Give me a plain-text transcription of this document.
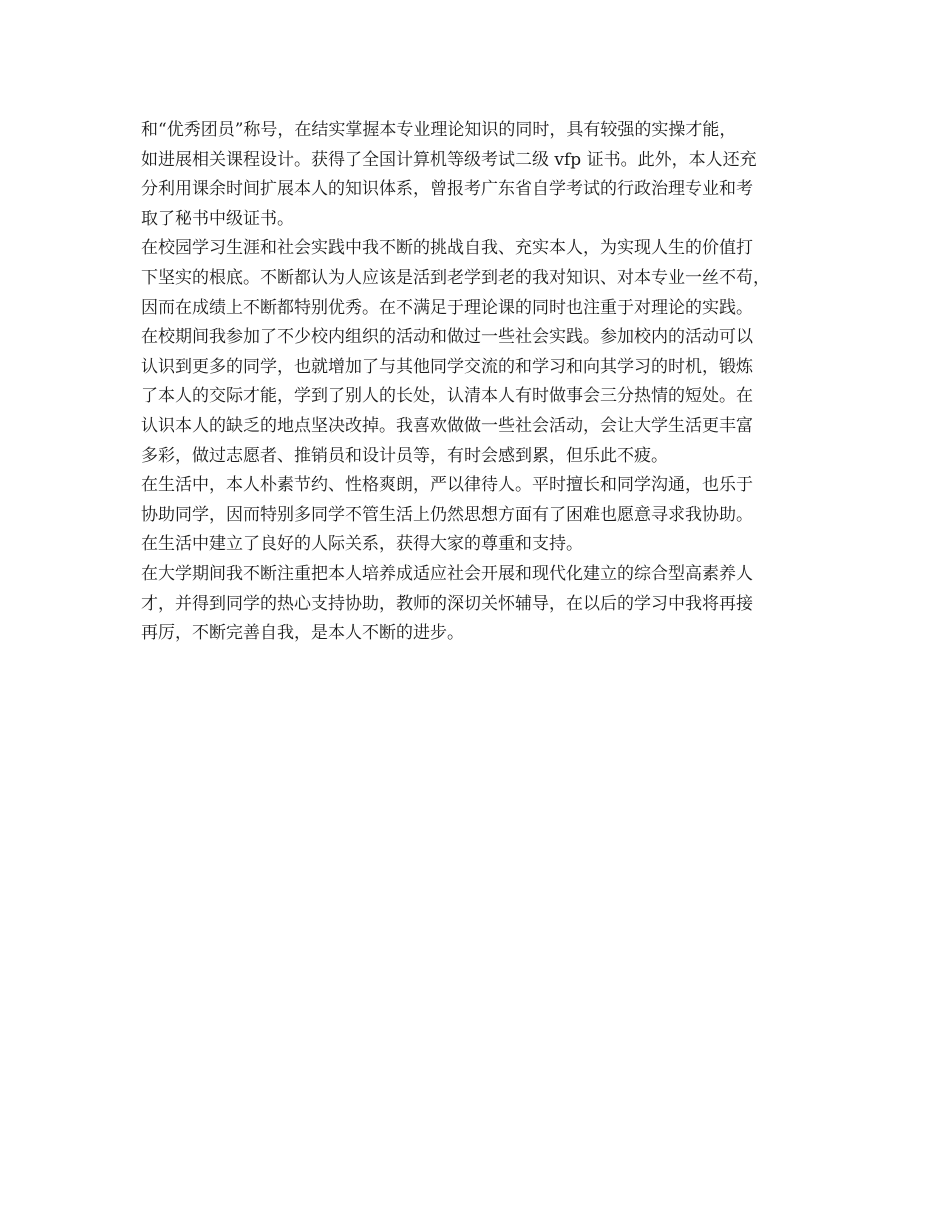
和“优秀团员”称号，在结实掌握本专业理论知识的同时，具有较强的实操才能，
如进展相关课程设计。获得了全国计算机等级考试二级 vfp 证书。此外，本人还充
分利用课余时间扩展本人的知识体系，曾报考广东省自学考试的行政治理专业和考
取了秘书中级证书。
在校园学习生涯和社会实践中我不断的挑战自我、充实本人，为实现人生的价值打
下坚实的根底。不断都认为人应该是活到老学到老的我对知识、对本专业一丝不苟，
因而在成绩上不断都特别优秀。在不满足于理论课的同时也注重于对理论的实践。
在校期间我参加了不少校内组织的活动和做过一些社会实践。参加校内的活动可以
认识到更多的同学，也就增加了与其他同学交流的和学习和向其学习的时机，锻炼
了本人的交际才能，学到了别人的长处，认清本人有时做事会三分热情的短处。在
认识本人的缺乏的地点坚决改掉。我喜欢做做一些社会活动，会让大学生活更丰富
多彩，做过志愿者、推销员和设计员等，有时会感到累，但乐此不疲。
在生活中，本人朴素节约、性格爽朗，严以律待人。平时擅长和同学沟通，也乐于
协助同学，因而特别多同学不管生活上仍然思想方面有了困难也愿意寻求我协助。
在生活中建立了良好的人际关系，获得大家的尊重和支持。
在大学期间我不断注重把本人培养成适应社会开展和现代化建立的综合型高素养人
才，并得到同学的热心支持协助，教师的深切关怀辅导，在以后的学习中我将再接
再厉，不断完善自我，是本人不断的进步。
